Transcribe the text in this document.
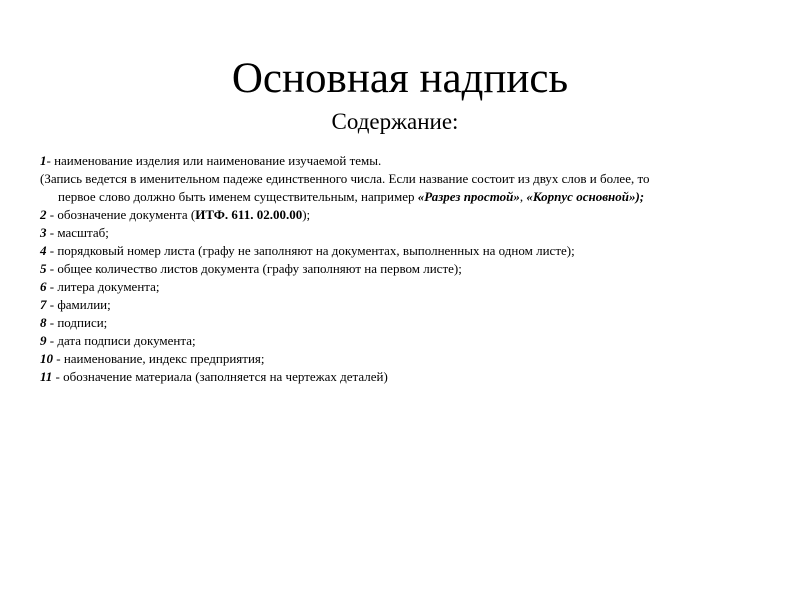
Основная надпись
Содержание:
1- наименование изделия или наименование изучаемой темы.
(Запись ведется в именительном падеже единственного числа. Если название состоит из двух слов и более, то
первое слово должно быть именем существительным, например «Разрез простой», «Корпус основной»);
2 - обозначение документа (ИТФ. 611. 02.00.00);
3 - масштаб;
4 - порядковый номер листа (графу не заполняют на документах, выполненных на одном листе);
5 - общее количество листов документа (графу заполняют на первом листе);
6 - литера документа;
7 - фамилии;
8 - подписи;
9 - дата подписи документа;
10 - наименование, индекс предприятия;
11 - обозначение материала (заполняется на чертежах деталей)
